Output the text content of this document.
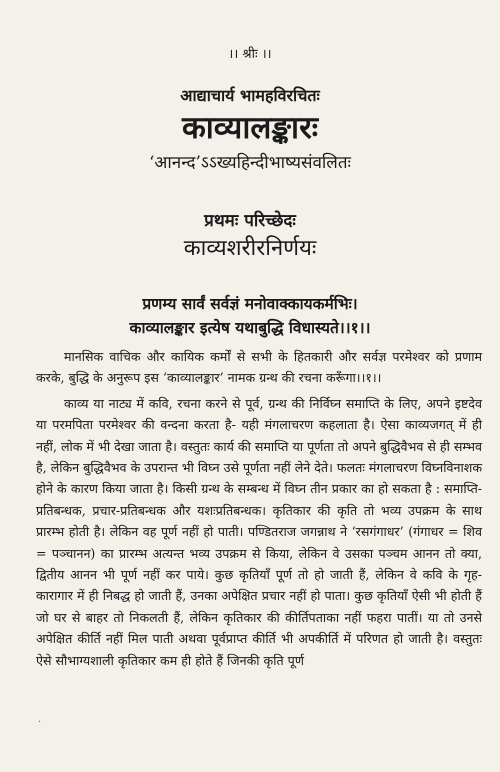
।। श्रीः ।।
आद्याचार्य भामहविरचितः
काव्यालङ्कारः
‘आनन्द’ऽऽख्यहिन्दीभाष्यसंवलितः
प्रथमः परिच्छेदः
काव्यशरीरनिर्णयः
प्रणम्य सार्वं सर्वज्ञं मनोवाक्कायकर्मभिः।
काव्यालङ्कार इत्येष यथाबुद्धि विधास्यते।।१।।

मानसिक वाचिक और कायिक कर्मों से सभी के हितकारी और सर्वज्ञ परमेश्वर को प्रणाम करके, बुद्धि के अनुरूप इस ‘काव्यालङ्कार’ नामक ग्रन्थ की रचना करूँगा।।१।।

काव्य या नाट्य में कवि, रचना करने से पूर्व, ग्रन्थ की निर्विघ्न समाप्ति के लिए, अपने इष्टदेव या परमपिता परमेश्वर की वन्दना करता है- यही मंगलाचरण कहलाता है। ऐसा काव्यजगत् में ही नहीं, लोक में भी देखा जाता है। वस्तुतः कार्य की समाप्ति या पूर्णता तो अपने बुद्धिवैभव से ही सम्भव है, लेकिन बुद्धिवैभव के उपरान्त भी विघ्न उसे पूर्णता नहीं लेने देते। फलतः मंगलाचरण विघ्नविनाशक होने के कारण किया जाता है। किसी ग्रन्थ के सम्बन्ध में विघ्न तीन प्रकार का हो सकता है : समाप्ति-प्रतिबन्धक, प्रचार-प्रतिबन्धक और यशःप्रतिबन्धक। कृतिकार की कृति तो भव्य उपक्रम के साथ प्रारम्भ होती है। लेकिन वह पूर्ण नहीं हो पाती। पण्डितराज जगन्नाथ ने ‘रसगंगाधर’ (गंगाधर = शिव = पञ्चानन) का प्रारम्भ अत्यन्त भव्य उपक्रम से किया, लेकिन वे उसका पञ्चम आनन तो क्या, द्वितीय आनन भी पूर्ण नहीं कर पाये। कुछ कृतियाँ पूर्ण तो हो जाती हैं, लेकिन वे कवि के गृह-कारागार में ही निबद्ध हो जाती हैं, उनका अपेक्षित प्रचार नहीं हो पाता। कुछ कृतियाँ ऐसी भी होती हैं जो घर से बाहर तो निकलती हैं, लेकिन कृतिकार की कीर्तिपताका नहीं फहरा पातीं। या तो उनसे अपेक्षित कीर्ति नहीं मिल पाती अथवा पूर्वप्राप्त कीर्ति भी अपकीर्ति में परिणत हो जाती है। वस्तुतः ऐसे सौभाग्यशाली कृतिकार कम ही होते हैं जिनकी कृति पूर्ण

.
